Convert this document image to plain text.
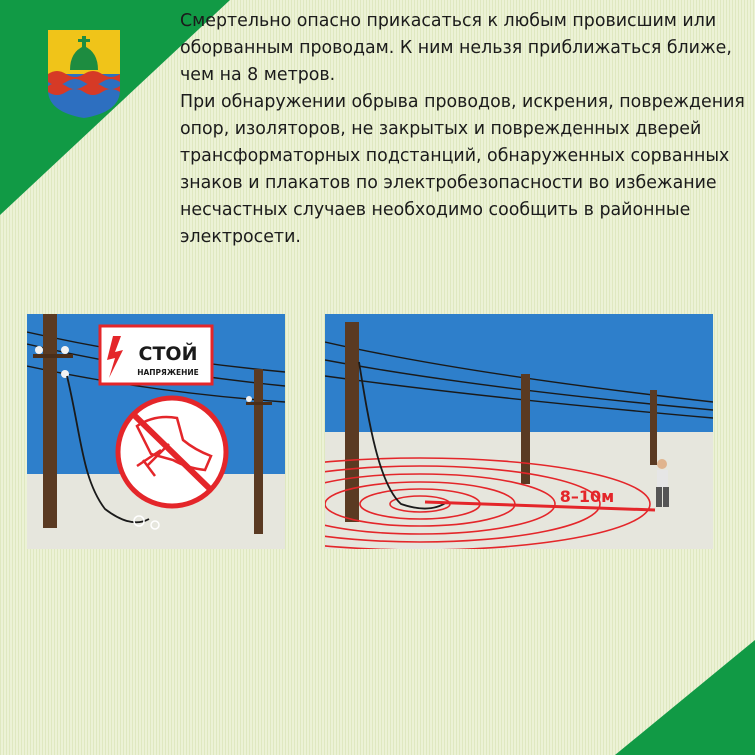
Смертельно опасно прикасаться к любым провисшим или оборванным проводам. К ним нельзя приближаться ближе, чем на 8 метров.

При обнаружении обрыва проводов, искрения, повреждения опор, изоляторов, не закрытых и поврежденных дверей трансформаторных подстанций, обнаруженных сорванных знаков и плакатов по электробезопасности во избежание несчастных случаев необходимо сообщить в районные электросети.

СТОЙ
НАПРЯЖЕНИЕ
8–10м
